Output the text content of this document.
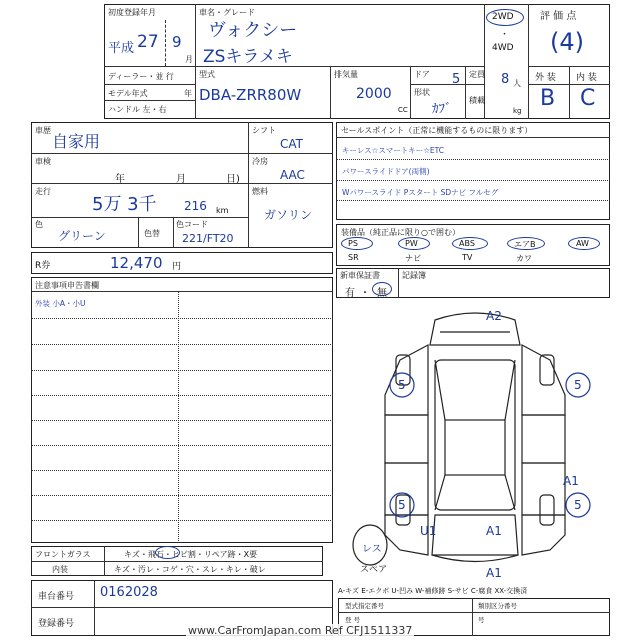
初度登録年月
平成 27 9
月
車名・グレード
ヴォクシー
ZSキラメキ
2WD
・
4WD
ディーラー・並 行
モデル年式	年
ハンドル 左・右
型式
DBA-ZRR80W
排気量
2000
CC
ドア 5
形状
ｶﾌﾞ
定員 8 人
積載
kg
評 価 点
(4)
外 装 内 装
B C
車歴
自家用
車検
年	月	日)
走行
5万 3千 216 km
色
グリーン	色替
色コード
221/FT20
シフト
CAT
冷房
AAC
燃料
ガソリン
R券	12,470 円
セールスポイント（正常に機能するものに限ります）
キーレス☆スマートキー☆ETC
パワースライドドア(両側)
Wパワースライド Pスタート SDナビ フルセグ
装備品（純正品に限り○で囲む）
PS	PW	ABS	エアB	AW
SR	ナビ	TV	カワ
新車保証書	記録簿
有 ・ 無
注意事項申告書欄
外装 小A・小U
フロントガラス	キズ・飛石・ヒビ割・リペア跡・X要
内装	キズ・汚レ・コゲ・穴・スレ・キレ・破レ
車台番号 0162028
登録番号
A2
5	5
5	5
A1
U1	A1
A1
レス
スペア
A-キズ E-エクボ U-凹み W-補修跡 S-サビ C-腐食 XX-交換済
型式指定番号
登 号
類別区分番号
号
www.CarFromJapan.com Ref CFJ1511337
